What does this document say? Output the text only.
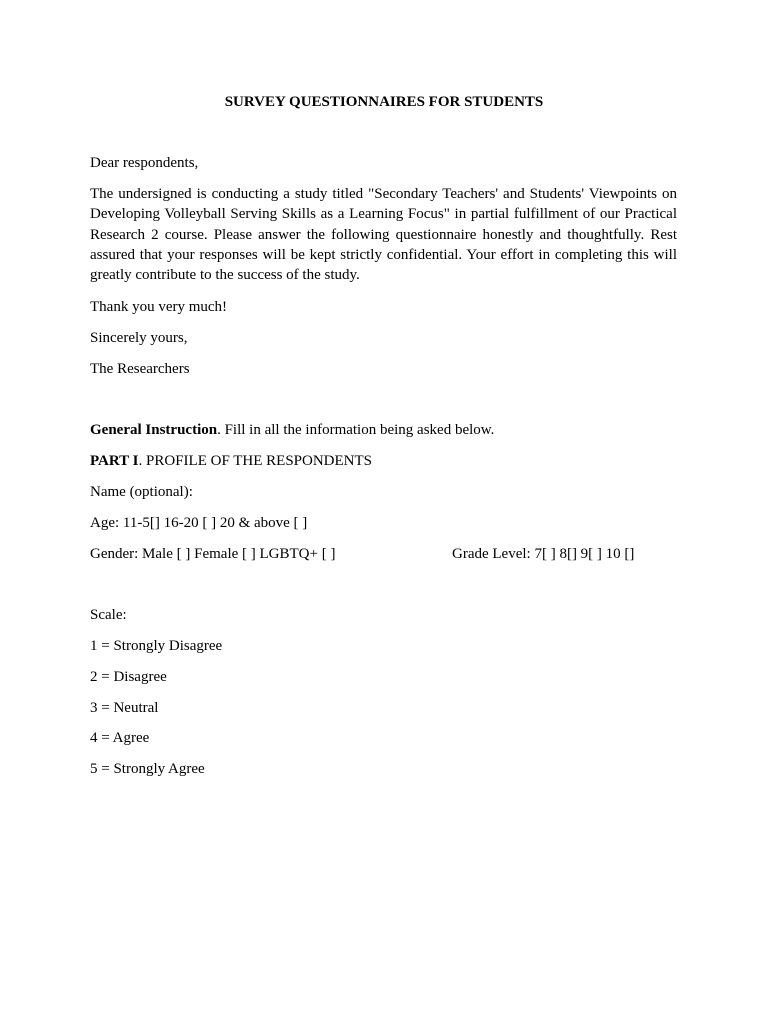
SURVEY QUESTIONNAIRES FOR STUDENTS
Dear respondents,
The undersigned is conducting a study titled "Secondary Teachers' and Students' Viewpoints on Developing Volleyball Serving Skills as a Learning Focus" in partial fulfillment of our Practical Research 2 course. Please answer the following questionnaire honestly and thoughtfully. Rest assured that your responses will be kept strictly confidential. Your effort in completing this will greatly contribute to the success of the study.
Thank you very much!
Sincerely yours,
The Researchers
General Instruction. Fill in all the information being asked below.
PART I. PROFILE OF THE RESPONDENTS
Name (optional):
Age: 11-5[] 16-20 [ ] 20 & above [ ]
Gender: Male [ ] Female [ ] LGBTQ+ [ ]	Grade Level: 7[ ] 8[] 9[ ] 10 []
Scale:
1 = Strongly Disagree
2 = Disagree
3 = Neutral
4 = Agree
5 = Strongly Agree
